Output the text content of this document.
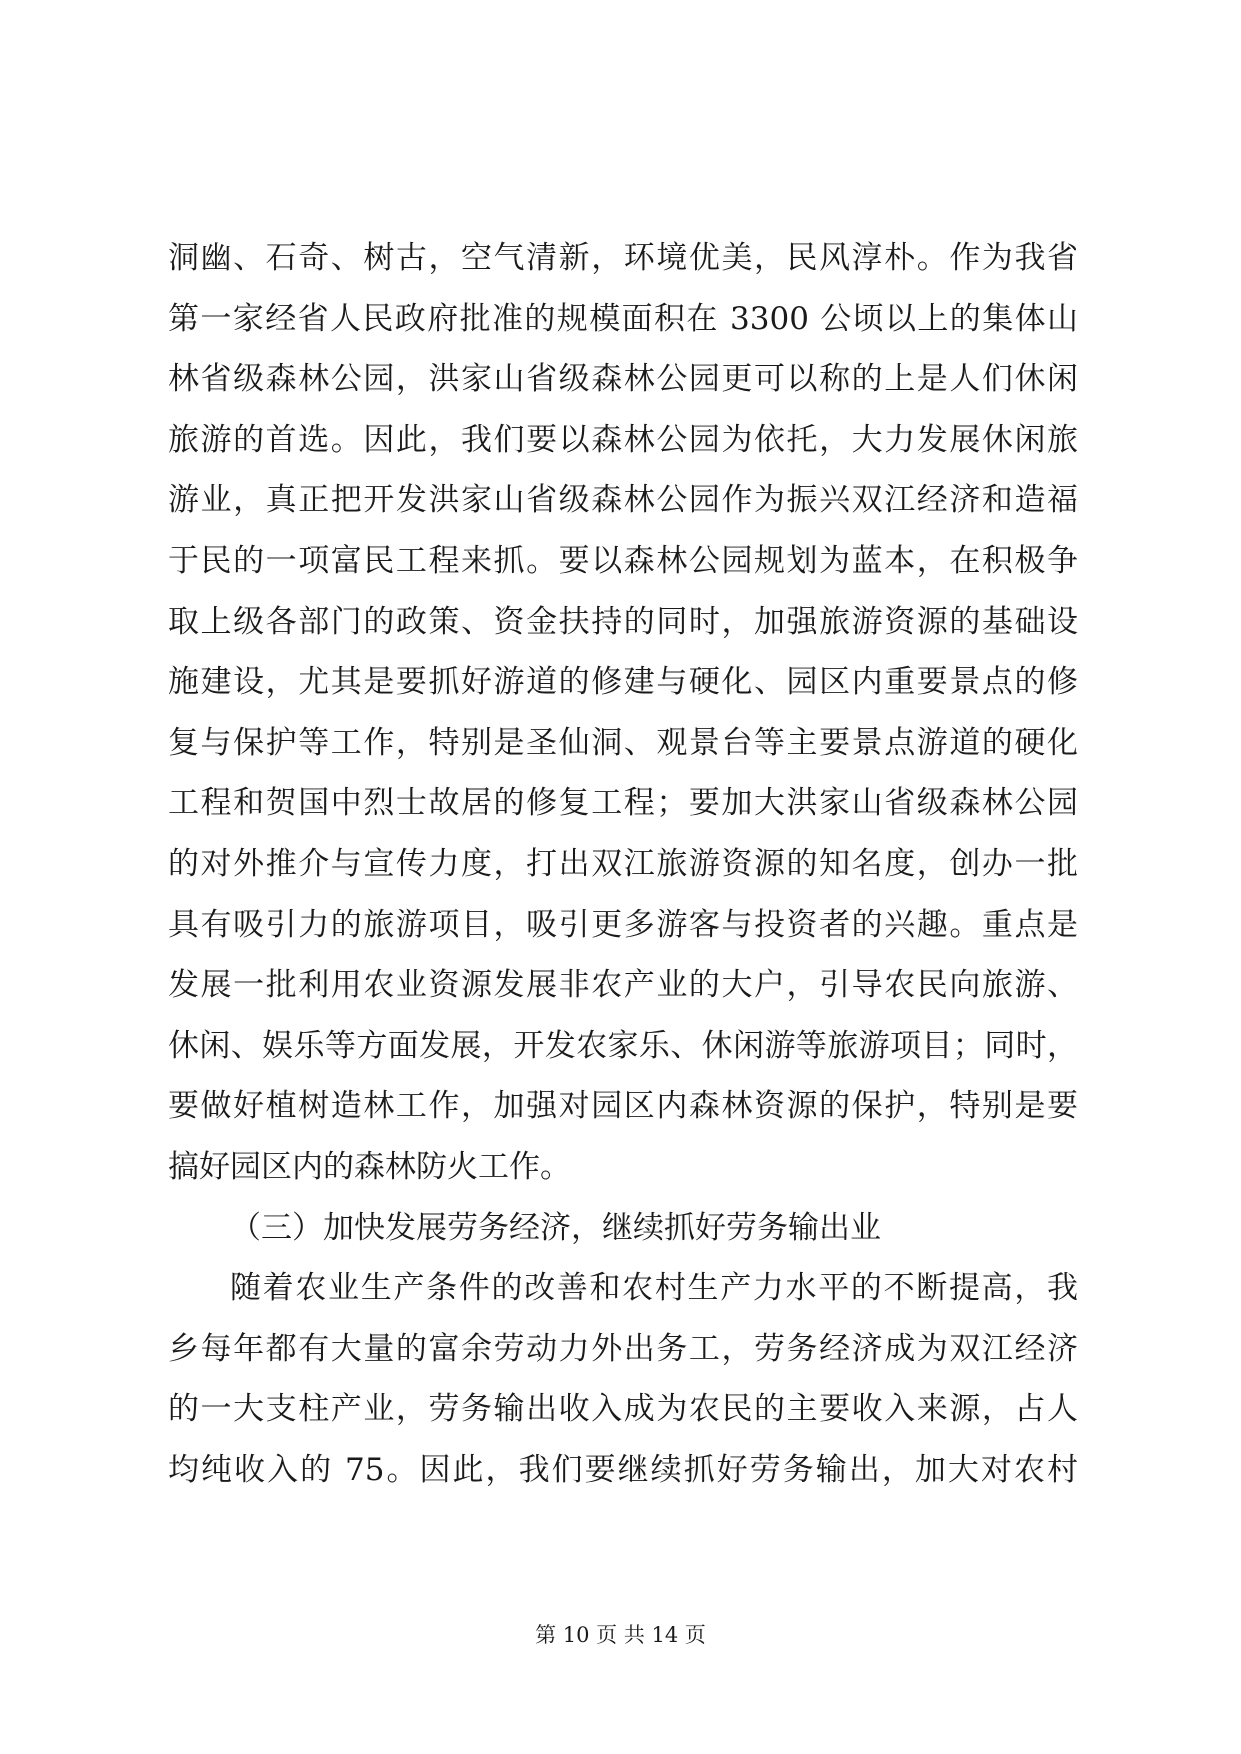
洞幽、石奇、树古，空气清新，环境优美，民风淳朴。作为我省
第一家经省人民政府批准的规模面积在 3300 公顷以上的集体山
林省级森林公园，洪家山省级森林公园更可以称的上是人们休闲
旅游的首选。因此，我们要以森林公园为依托，大力发展休闲旅
游业，真正把开发洪家山省级森林公园作为振兴双江经济和造福
于民的一项富民工程来抓。要以森林公园规划为蓝本，在积极争
取上级各部门的政策、资金扶持的同时，加强旅游资源的基础设
施建设，尤其是要抓好游道的修建与硬化、园区内重要景点的修
复与保护等工作，特别是圣仙洞、观景台等主要景点游道的硬化
工程和贺国中烈士故居的修复工程；要加大洪家山省级森林公园
的对外推介与宣传力度，打出双江旅游资源的知名度，创办一批
具有吸引力的旅游项目，吸引更多游客与投资者的兴趣。重点是
发展一批利用农业资源发展非农产业的大户，引导农民向旅游、
休闲、娱乐等方面发展，开发农家乐、休闲游等旅游项目；同时，
要做好植树造林工作，加强对园区内森林资源的保护，特别是要
搞好园区内的森林防火工作。
（三）加快发展劳务经济，继续抓好劳务输出业
随着农业生产条件的改善和农村生产力水平的不断提高，我
乡每年都有大量的富余劳动力外出务工，劳务经济成为双江经济
的一大支柱产业，劳务输出收入成为农民的主要收入来源，占人
均纯收入的 75。因此，我们要继续抓好劳务输出，加大对农村
第 10 页 共 14 页
